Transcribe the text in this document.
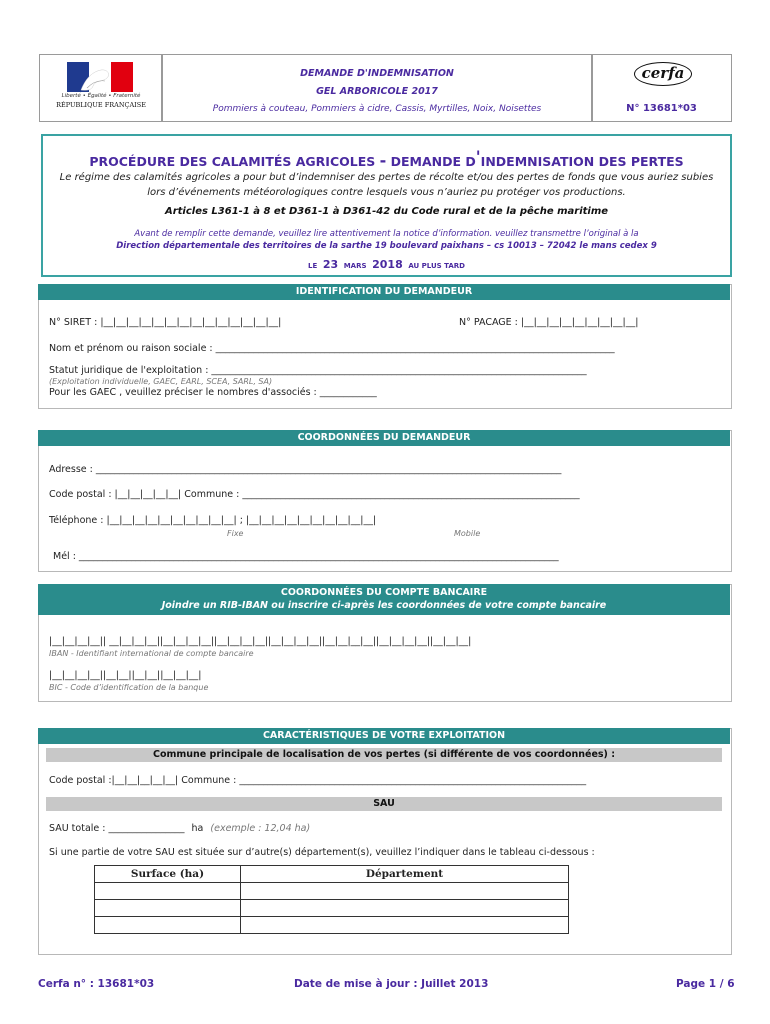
Liberté • Égalité • Fraternité
RÉPUBLIQUE FRANÇAISE
DEMANDE D'INDEMNISATION
GEL ARBORICOLE 2017
Pommiers à couteau, Pommiers à cidre, Cassis, Myrtilles, Noix, Noisettes
cerfa
N° 13681*03
PROCÉDURE DES CALAMITÉS AGRICOLES - DEMANDE D'INDEMNISATION DES PERTES
Le régime des calamités agricoles a pour but d’indemniser des pertes de récolte et/ou des pertes de fonds que vous auriez subies
lors d’événements météorologiques contre lesquels vous n’auriez pu protéger vos productions.
Articles L361-1 à 8 et D361-1 à D361-42 du Code rural et de la pêche maritime
Avant de remplir cette demande, veuillez lire attentivement la notice d’information. veuillez transmettre l’original à la
Direction départementale des territoires de la sarthe 19 boulevard paixhans – cs 10013 – 72042 le mans cedex 9
LE 23 MARS 2018 AU PLUS TARD
IDENTIFICATION DU DEMANDEUR
N° SIRET : |__|__|__|__|__|__|__|__|__|__|__|__|__|__|	N° PACAGE : |__|__|__|__|__|__|__|__|__|
Nom et prénom ou raison sociale : ____________________________________________________________________________________
Statut juridique de l'exploitation : _______________________________________________________________________________
(Exploitation individuelle, GAEC, EARL, SCEA, SARL, SA)
Pour les GAEC , veuillez préciser le nombres d'associés : ____________
COORDONNÉES DU DEMANDEUR
Adresse : __________________________________________________________________________________________________
Code postal : |__|__|__|__|__| Commune : _______________________________________________________________________
Téléphone : |__|__|__|__|__|__|__|__|__|__| ; |__|__|__|__|__|__|__|__|__|__|
Fixe	Mobile
Mél : _____________________________________________________________________________________________________
COORDONNÉES DU COMPTE BANCAIRE
Joindre un RIB-IBAN ou inscrire ci-après les coordonnées de votre compte bancaire
|__|__|__|__|| __|__|__|__||__|__|__|__||__|__|__|__||__|__|__|__||__|__|__|__||__|__|__|__||__|__|__|
IBAN - Identifiant international de compte bancaire
|__|__|__|__||__|__||__|__||__|__|__|
BIC - Code d’identification de la banque
CARACTÉRISTIQUES DE VOTRE EXPLOITATION
Commune principale de localisation de vos pertes (si différente de vos coordonnées) :
Code postal :|__|__|__|__|__| Commune : _________________________________________________________________________
SAU
SAU totale : ________________ ha (exemple : 12,04 ha)
Si une partie de votre SAU est située sur d’autre(s) département(s), veuillez l’indiquer dans le tableau ci-dessous :
Surface (ha)	Département

Cerfa n° : 13681*03	Date de mise à jour : Juillet 2013	Page 1 / 6
